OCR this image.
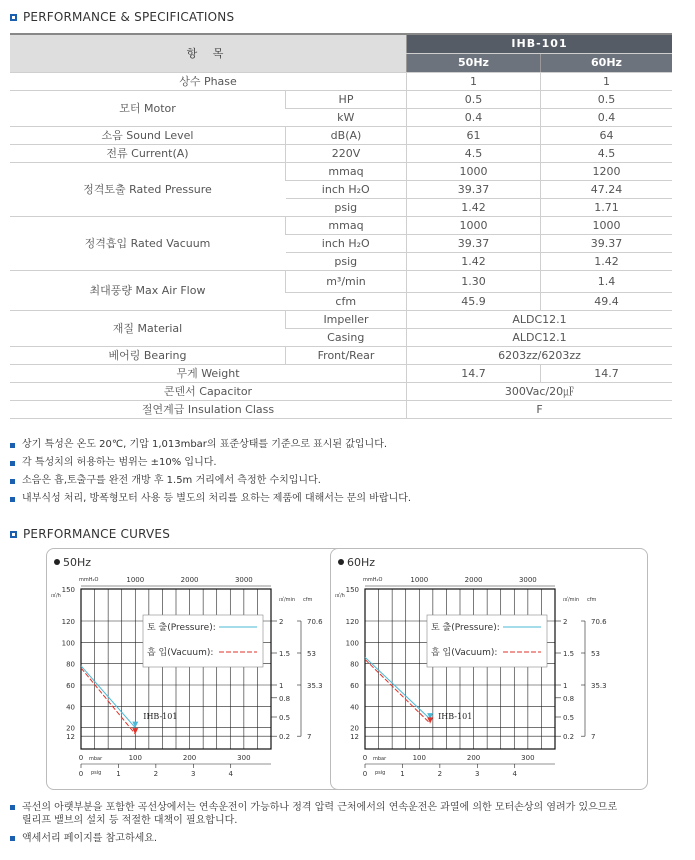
PERFORMANCE & SPECIFICATIONS
항 목		IHB-101	
		50Hz	60Hz
상수 Phase		1	1
모터 Motor	HP	0.5	0.5
	kW	0.4	0.4
소음 Sound Level	dB(A)	61	64
전류 Current(A)	220V	4.5	4.5
정격토출 Rated Pressure	mmaq	1000	1200
	inch H₂O	39.37	47.24
	psig	1.42	1.71
정격흡입 Rated Vacuum	mmaq	1000	1000
	inch H₂O	39.37	39.37
	psig	1.42	1.42
최대풍량 Max Air Flow	m³/min	1.30	1.4
	cfm	45.9	49.4
재질 Material	Impeller	ALDC12.1	
	Casing	ALDC12.1	
베어링 Bearing	Front/Rear	6203zz/6203zz	
무게 Weight		14.7	14.7
콘덴서 Capacitor		300Vac/20㎌	
절연계급 Insulation Class		F	
상기 특성은 온도 20℃, 기압 1,013mbar의 표준상태를 기준으로 표시된 값입니다.
각 특성치의 허용하는 범위는 ±10% 입니다.
소음은 흡,토출구를 완전 개방 후 1.5m 거리에서 측정한 수치입니다.
내부식성 처리, 방폭형모터 사용 등 별도의 처리를 요하는 제품에 대해서는 문의 바랍니다.
PERFORMANCE CURVES
50Hz
토 출(Pressure):
흡 입(Vacuum):
mmH₂O	1000	2000	3000
㎥/h
150
120
100
80
60
40
20
12
㎥/min cfm
2
1.5
1
0.8
0.5
0.2
70.6
53
35.3
7
mbar
0	100	200	300
psig
0	1	2	3	4
IHB-101
60Hz
토 출(Pressure):
흡 입(Vacuum):
mmH₂O	1000	2000	3000
㎥/h
150
120
100
80
60
40
20
12
㎥/min cfm
2
1.5
1
0.8
0.5
0.2
70.6
53
35.3
7
mbar
0	100	200	300
psig
0	1	2	3	4
IHB-101
곡선의 아랫부분을 포함한 곡선상에서는 연속운전이 가능하나 정격 압력 근처에서의 연속운전은 과열에 의한 모터손상의 염려가 있으므로
릴리프 밸브의 설치 등 적절한 대책이 필요합니다.
액세서리 페이지를 참고하세요.
